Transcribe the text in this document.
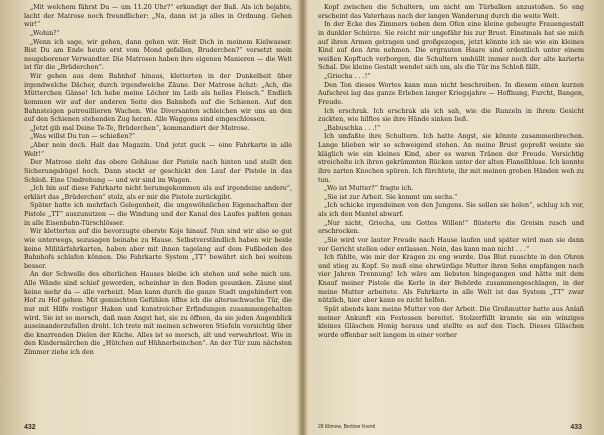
„Mit welchem fährst Du — um 11.20 Uhr?“ erkundigt der Baß. Als ich bejahte, lacht der Matrose noch freundlicher: „Na, dann ist ja alles in Ordnung. Gehen wir!“

„Wohin?“

„Wenn ich sage, wir gehen, dann gehen wir. Heit Dich in meinem Kielwasser. Bist Du am Ende heute erst vom Mond gefallen, Bruderchen?“ versetzt mein neugeborener Verwandter. Die Matrosen haben ihre eigenen Manieren — die Welt ist für die „Brüderchen“.

Wir gehen aus dem Bahnhof hinaus, kletterten in der Dunkelheit über irgendwelche Dächer, durch irgendwelche Zäune. Der Matrose ächzt: „Ach, die Mütterchen Gänse! Ich hebe meine Löcher im Leib als helles Fleisch.“ Endlich kommen wir auf der anderen Seite des Bahnhofs auf die Schienen. Auf den Bahnsteigen patrouillieren Wachen. Wie Diversanten schleichen wir uns an den auf den Schienen stehenden Zug heran. Alle Waggons sind eingeschlossen.

„Jetzt gib mal Deine Te-Te, Brüderchen“, kommandiert der Matrose.

„Was willst Du tun — schießen?“

„Aber nein doch. Halt das Magazin. Und jetzt guck — eine Fahrkarte in alle Welt!“

Der Matrose zieht das obere Gehäuse der Pistole nach hinten und stellt den Sicherungsbügel hoch. Dann steckt er geschickt den Lauf der Pistole in das Schloß. Eine Umdrehung — und wir sind im Wagen.

„Ich bin auf diese Fahrkarte nicht herumgekommen als auf irgendeine andere“, erklärt das „Brüderchen“ stolz, als er mir die Pistole zurückgibt.

Später hatte ich mehrfach Gelegenheit, die ungewöhnlichen Eigenschaften der Pistole „TT“ auszunutzen — die Windung und der Kanal des Laufes paßten genau in alle Eisenbahn-Türschlösser.

Wir kletterten auf die bevorzugte oberste Koje hinauf. Nun sind wir also so gut wie unterwegs, sozusagen beinahe zu Hause. Selbstverständlich haben wir beide keine Militärfahrkarten, haben aber mit ihnen tagelang auf dem Fußboden des Bahnhofs schlafen können. Die Fahrkarte System „TT“ bewährt sich bei weitem besser.

An der Schwelle des elterlichen Hauses bleibe ich stehen und sehe mich um. Alle Wände sind schief geworden, scheinbar in den Boden gesunken. Zäune sind keine mehr da — alle verheizt. Man kann durch die ganze Stadt ungehindert von Hof zu Hof gehen. Mit gemischten Gefühlen öffne ich die altersschwache Tür, die nur mit Hilfe rostiger Haken und kunstreicher Erfindungen zusammengehalten wird. Sie ist so morsch, daß man Angst hat, sie zu öffnen, da sie jeden Augenblick auseinanderzufallen droht. Ich trete mit meinen schweren Stiefeln vorsichtig über die knarrenden Dielen der Küche. Alles ist so morsch, alt und verwahrlost. Wie in den Kindermärchen die „Hütchen auf Hühnerbeinchen“. An der Tür zum nächsten Zimmer ziehe ich den

Kopf zwischen die Schultern, um nicht am Türbalken anzustoßen. So eng erscheint das Vaterhaus nach der langen Wanderung durch die weite Welt.

In der Ecke des Zimmers neben dem Ofen eine kleine gebeugte Frauengestalt in dunkler Schürze. Sie reicht mir ungefähr bis zur Brust. Einstmals hat sie mich auf ihren Armen getragen und großgezogen, jetzt könnte ich sie wie ein kleines Kind auf den Arm nehmen. Die ergrauten Haare sind ordentlich unter einem weißen Kopftuch verborgen, die Schultern umhüllt immer noch der alte karierte Schal. Die kleine Gestalt wendet sich um, als die Tür ins Schloß fällt.

„Griecha . . .!“

Den Ton dieses Wortes kann man nicht beschreiben. In diesem einen kurzen Aufschrei lag das ganze Erleben langer Kriegsjahre — Hoffnung, Furcht, Bangen, Freude.

Ich erschrak. Ich erschrak als ich sah, wie die Runzeln in ihrem Gesicht zuckten, wie hilflos sie ihre Hände sinken ließ.

„Babuschka . . .!“

Ich umfaßte ihre Schultern. Ich hatte Angst, sie könnte zusammenbrechen. Lange blieben wir so schweigend stehen. An meine Brust gepreßt weinte sie kläglich wie ein kleines Kind, aber es waren Tränen der Freude. Vorsichtig streichelte ich ihren gekrümmten Rücken unter der alten Flanellbluse. Ich konnte ihre zarten Knochen spüren. Ich fürchtete, ihr mit meinen groben Händen weh zu tun.

„Wo ist Mutter?“ fragte ich.

„Sie ist zur Arbeit. Sie kommt um sechs.“

„Ich schicke irgendeinen von den Jungens. Sie sollen sie holen“, schlug ich vor, als ich den Mantel abwarf.

„Nur nicht, Griecha, um Gottes Willen!“ flüsterte die Greisin rasch und erschrocken.

„Sie wird vor lauter Freude nach Hause laufen und später wird man sie dann vor Gericht stellen oder entlassen. Nein, das kann man nicht . . .“

Ich fühlte, wie mir der Kragen zu eng wurde. Das Blut rauschte in den Ohren und stieg zu Kopf. So muß eine ehrwürdige Mutter ihren Sohn empfangen nach vier Jahren Trennung! Ich wäre am liebsten hingegangen und hätte mit dem Knauf meiner Pistole die Kerle in der Behörde zusammengeschlagen, in der meine Mutter arbeitete. Als Fahrkarte in alle Welt ist das System „TT“ zwar nützlich, hier aber kann es nicht helfen.

Spät abends kam meine Mutter von der Arbeit. Die Großmutter hatte aus Anlaß meiner Ankunft ein Festessen bereitet. Stolzerfüllt kramte sie ein winziges kleines Gläschen Honig heraus und stellte es auf den Tisch. Dieses Gläschen wurde offenbar seit langem in einer vorher

432	28 Klimow, Berliner Kreml	433
